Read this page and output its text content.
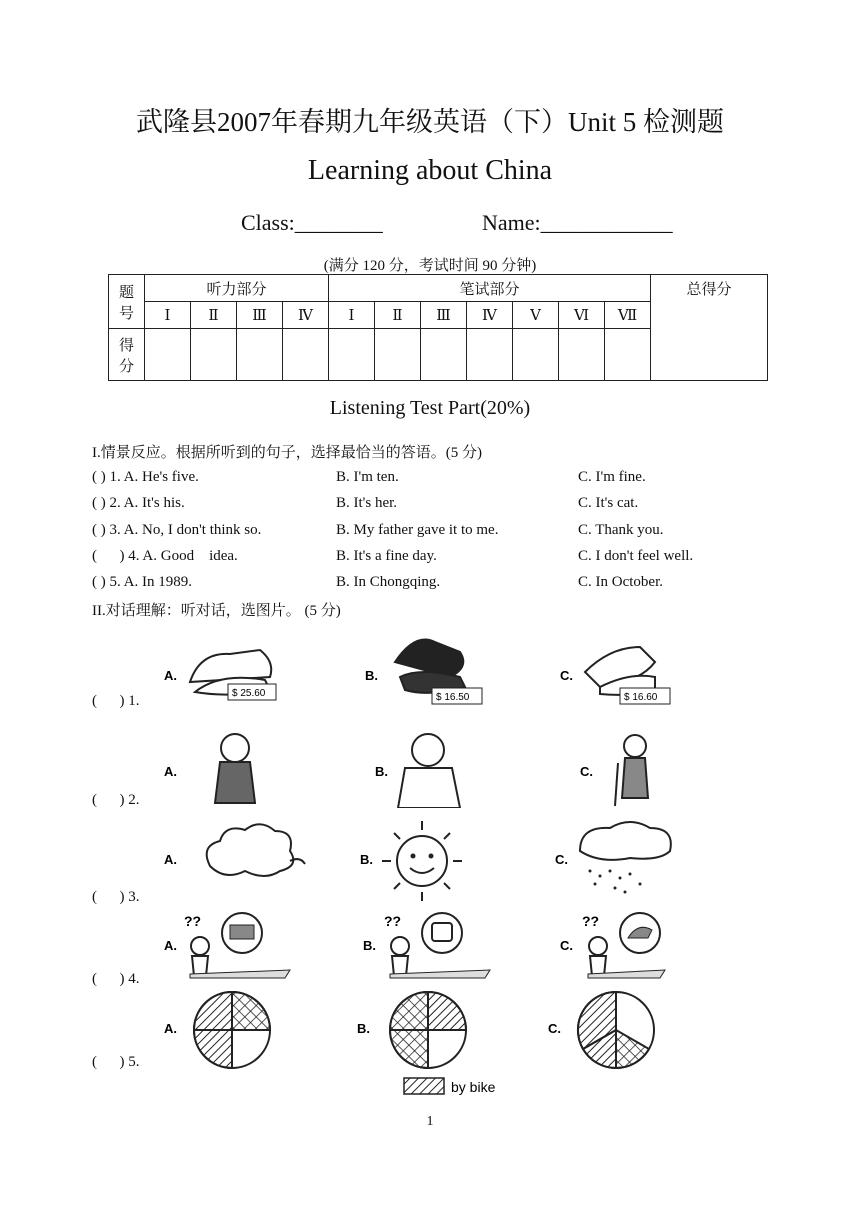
武隆县2007年春期九年级英语（下）Unit 5 检测题
Learning about China
Class:________	Name:____________
(满分 120 分，考试时间 90 分钟)
题
号	听力部分				笔试部分							总得分
	Ⅰ	Ⅱ	Ⅲ	Ⅳ	Ⅰ	Ⅱ	Ⅲ	Ⅳ	Ⅴ	Ⅵ	Ⅶ	

得
分												

Listening Test Part(20%)
I.情景反应。根据所听到的句子，选择最恰当的答语。(5 分)
( ) 1. A. He's five.	B. I'm ten.	C. I'm fine.
( ) 2. A. It's his.	B. It's her.	C. It's cat.
( ) 3. A. No, I don't think so.	B. My father gave it to me.	C. Thank you.
(      ) 4. A. Good    idea.	B. It's a fine day.	C. I don't feel well.
( ) 5. A. In 1989.	B. In Chongqing.	C. In October.
II.对话理解：听对话，选图片。 (5 分)
(      ) 1.
(      ) 2.
(      ) 3.
(      ) 4.
(      ) 5.
A.
$ 25.60
B.
$ 16.50
C.
$ 16.60
A.	B.	C.
A.	B.	C.
A.
??
B.
??
C.
??
A.	B.	C.
by bike
1
